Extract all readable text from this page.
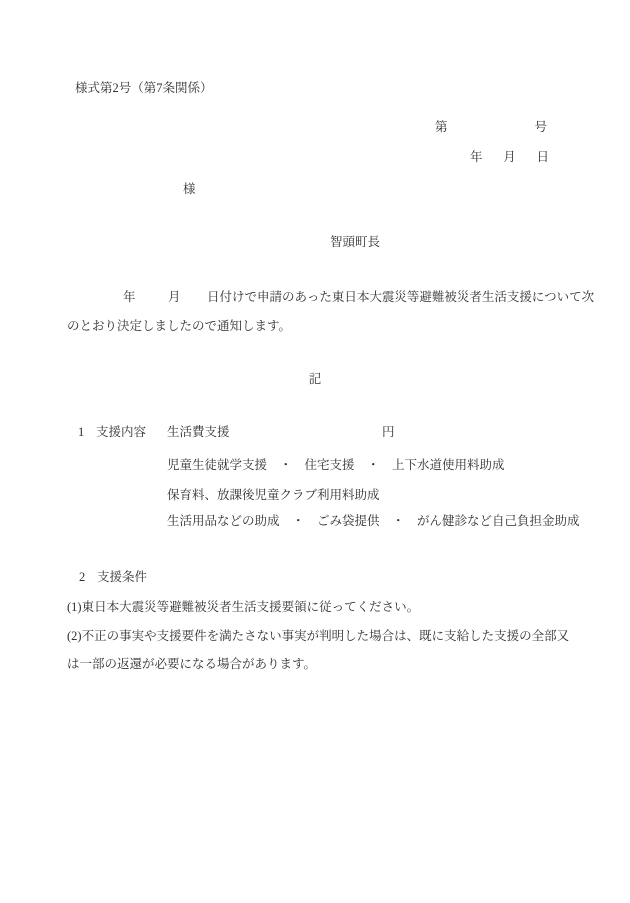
様式第2号（第7条関係）
第	号
年 月 日
様
智頭町長
年	月 日付けで申請のあった東日本大震災等避難被災者生活支援について次
のとおり決定しましたので通知します。
記
1 支援内容 生活費支援	円
児童生徒就学支援　・　住宅支援　・　上下水道使用料助成
保育料、放課後児童クラブ利用料助成
生活用品などの助成　・　ごみ袋提供　・　がん健診など自己負担金助成
2 支援条件
(1)東日本大震災等避難被災者生活支援要領に従ってください。
(2)不正の事実や支援要件を満たさない事実が判明した場合は、既に支給した支援の全部又
は一部の返還が必要になる場合があります。
